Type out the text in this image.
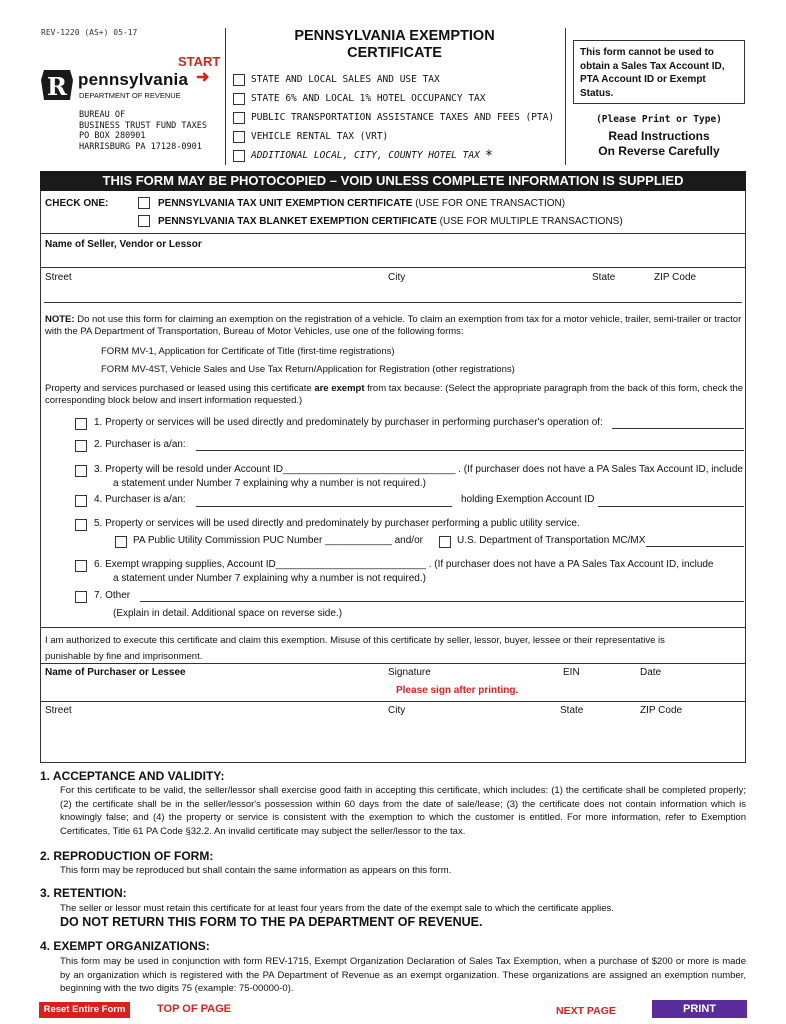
REV-1220 (AS+) 05-17
START
➜
R pennsylvania
DEPARTMENT OF REVENUE
BUREAU OF
BUSINESS TRUST FUND TAXES
PO BOX 280901
HARRISBURG PA 17128-0901
PENNSYLVANIA EXEMPTION
CERTIFICATE
STATE AND LOCAL SALES AND USE TAX
STATE 6% AND LOCAL 1% HOTEL OCCUPANCY TAX
PUBLIC TRANSPORTATION ASSISTANCE TAXES AND FEES (PTA)
VEHICLE RENTAL TAX (VRT)
ADDITIONAL LOCAL, CITY, COUNTY HOTEL TAX *
This form cannot be used to obtain a Sales Tax Account ID, PTA Account ID or Exempt Status.
(Please Print or Type)
Read Instructions
On Reverse Carefully
THIS FORM MAY BE PHOTOCOPIED – VOID UNLESS COMPLETE INFORMATION IS SUPPLIED
CHECK ONE:	PENNSYLVANIA TAX UNIT EXEMPTION CERTIFICATE (USE FOR ONE TRANSACTION)
PENNSYLVANIA TAX BLANKET EXEMPTION CERTIFICATE (USE FOR MULTIPLE TRANSACTIONS)
Name of Seller, Vendor or Lessor
Street	City	State	ZIP Code
NOTE: Do not use this form for claiming an exemption on the registration of a vehicle. To claim an exemption from tax for a motor vehicle, trailer, semi-trailer or tractor with the PA Department of Transportation, Bureau of Motor Vehicles, use one of the following forms:
FORM MV-1, Application for Certificate of Title (first-time registrations)
FORM MV-4ST, Vehicle Sales and Use Tax Return/Application for Registration (other registrations)
Property and services purchased or leased using this certificate are exempt from tax because: (Select the appropriate paragraph from the back of this form, check the corresponding block below and insert information requested.)
1. Property or services will be used directly and predominately by purchaser in performing purchaser's operation of:
2. Purchaser is a/an:
3. Property will be resold under Account ID_______________________________ . (If purchaser does not have a PA Sales Tax Account ID, include
a statement under Number 7 explaining why a number is not required.)
4. Purchaser is a/an:	holding Exemption Account ID
5. Property or services will be used directly and predominately by purchaser performing a public utility service.
PA Public Utility Commission PUC Number ____________ and/or	U.S. Department of Transportation MC/MX
6. Exempt wrapping supplies, Account ID___________________________ . (If purchaser does not have a PA Sales Tax Account ID, include
a statement under Number 7 explaining why a number is not required.)
7. Other
(Explain in detail. Additional space on reverse side.)
I am authorized to execute this certificate and claim this exemption. Misuse of this certificate by seller, lessor, buyer, lessee or their representative is punishable by fine and imprisonment.
Name of Purchaser or Lessee	Signature	EIN	Date
Please sign after printing.
Street	City	State	ZIP Code
1. ACCEPTANCE AND VALIDITY:
For this certificate to be valid, the seller/lessor shall exercise good faith in accepting this certificate, which includes: (1) the certificate shall be completed properly; (2) the certificate shall be in the seller/lessor's possession within 60 days from the date of sale/lease; (3) the certificate does not contain information which is knowingly false; and (4) the property or service is consistent with the exemption to which the customer is entitled. For more information, refer to Exemption Certificates, Title 61 PA Code §32.2. An invalid certificate may subject the seller/lessor to the tax.
2. REPRODUCTION OF FORM:
This form may be reproduced but shall contain the same information as appears on this form.
3. RETENTION:
The seller or lessor must retain this certificate for at least four years from the date of the exempt sale to which the certificate applies.
DO NOT RETURN THIS FORM TO THE PA DEPARTMENT OF REVENUE.
4. EXEMPT ORGANIZATIONS:
This form may be used in conjunction with form REV-1715, Exempt Organization Declaration of Sales Tax Exemption, when a purchase of $200 or more is made by an organization which is registered with the PA Department of Revenue as an exempt organization. These organizations are assigned an exemption number, beginning with the two digits 75 (example: 75-00000-0).
Reset Entire Form	TOP OF PAGE	NEXT PAGE	PRINT
